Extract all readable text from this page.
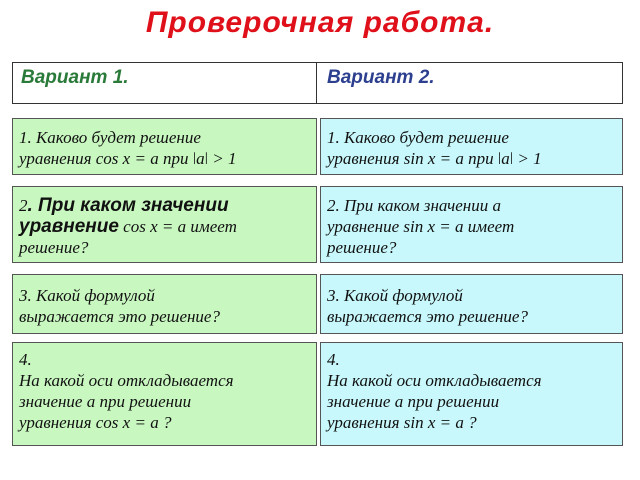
Проверочная работа.
Вариант 1.	Вариант 2.
1. Каково будет решение
уравнения cos x = a при ǀaǀ > 1
2. При каком значении
уравнение cos x = a имеет
решение?
3. Какой формулой
выражается это решение?
4.
На какой оси откладывается
значение a при решении
уравнения cos x = a ?
1. Каково будет решение
уравнения sin x = a при ǀaǀ > 1
2. При каком значении a
уравнение sin x = a имеет
решение?
3. Какой формулой
выражается это решение?
4.
На какой оси откладывается
значение a при решении
уравнения sin x = a ?
